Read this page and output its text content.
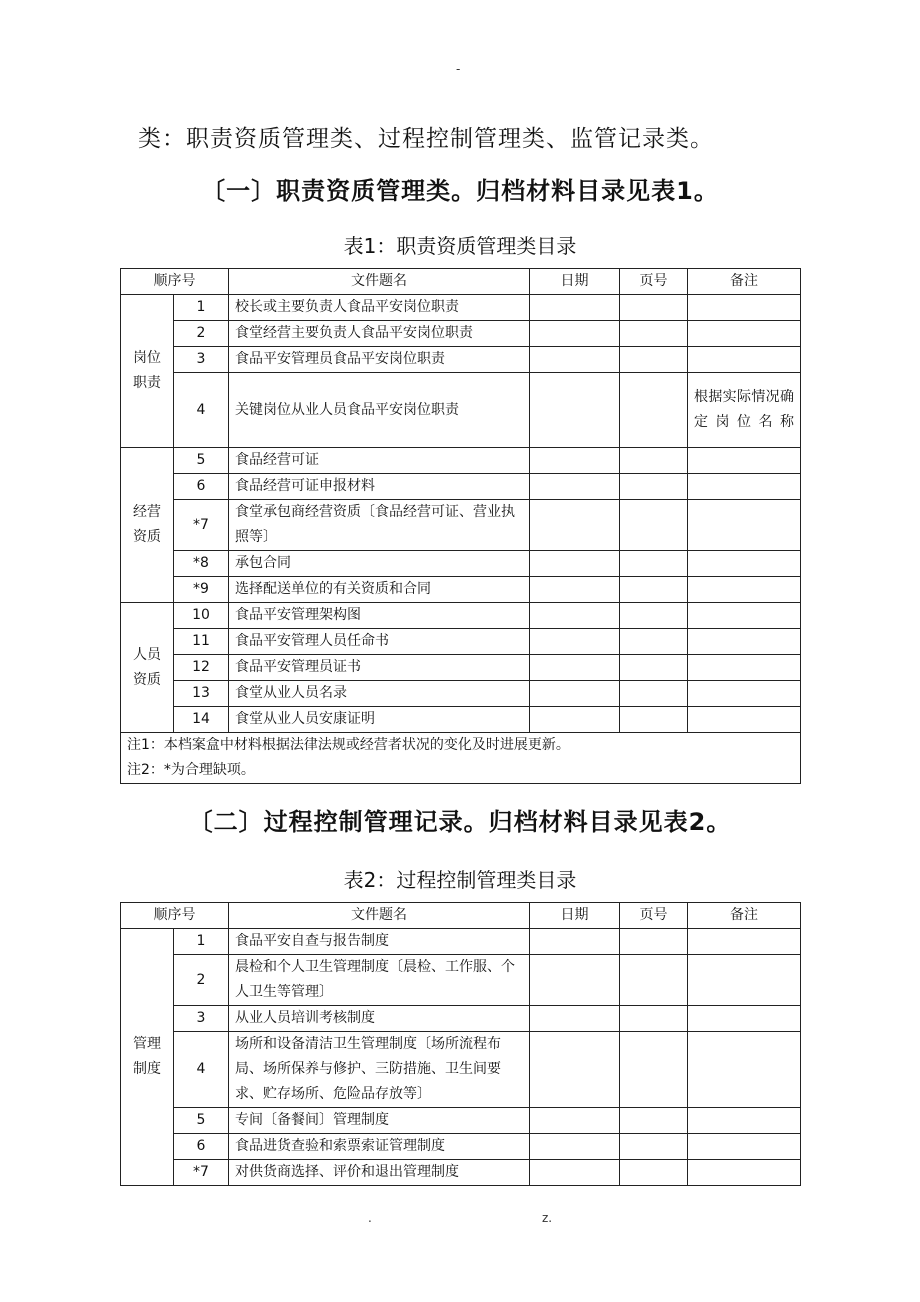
-
类：职责资质管理类、过程控制管理类、监管记录类。
〔一〕职责资质管理类。归档材料目录见表1。
表1：职责资质管理类目录
顺序号		文件题名	日期	页号	备注
岗位职责	1	校长或主要负责人食品平安岗位职责			
	2	食堂经营主要负责人食品平安岗位职责			
	3	食品平安管理员食品平安岗位职责			
	4	关键岗位从业人员食品平安岗位职责			根据实际情况确定岗位名称
经营资质	5	食品经营可证			
	6	食品经营可证申报材料			
	*7	食堂承包商经营资质〔食品经营可证、营业执照等〕			
	*8	承包合同			
	*9	选择配送单位的有关资质和合同			
人员资质	10	食品平安管理架构图			
	11	食品平安管理人员任命书			
	12	食品平安管理员证书			
	13	食堂从业人员名录			
	14	食堂从业人员安康证明			

注1：本档案盒中材料根据法律法规或经营者状况的变化及时进展更新。
注2：*为合理缺项。					
〔二〕过程控制管理记录。归档材料目录见表2。
表2：过程控制管理类目录
顺序号		文件题名	日期	页号	备注
管理制度	1	食品平安自查与报告制度			
	2	晨检和个人卫生管理制度〔晨检、工作服、个人卫生等管理〕			
	3	从业人员培训考核制度			
	4	场所和设备清洁卫生管理制度〔场所流程布局、场所保养与修护、三防措施、卫生间要求、贮存场所、危险品存放等〕			
	5	专间〔备餐间〕管理制度			
	6	食品进货查验和索票索证管理制度			
	*7	对供货商选择、评价和退出管理制度			
.	z.
